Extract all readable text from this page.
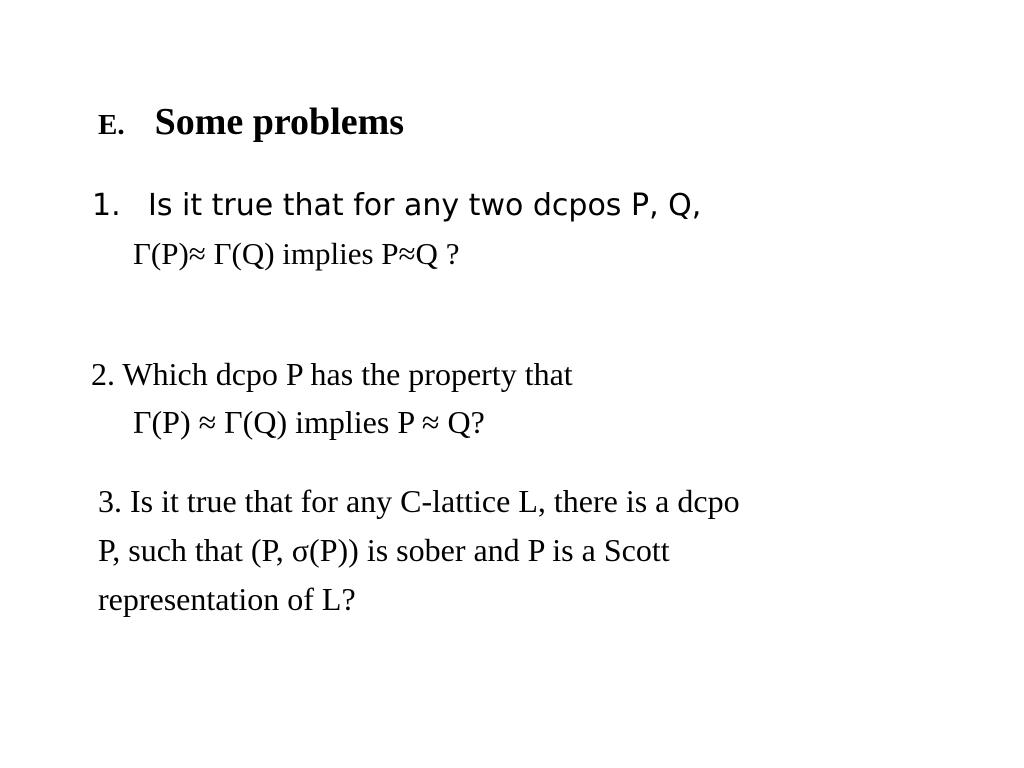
E. Some problems
1. Is it true that for any two dcpos P, Q,
Γ(P)≈ Γ(Q) implies P≈Q ?
2. Which dcpo P has the property that
Γ(P) ≈ Γ(Q) implies P ≈ Q?
3. Is it true that for any C-lattice L, there is a dcpo
P, such that (P, σ(P)) is sober and P is a Scott
representation of L?
